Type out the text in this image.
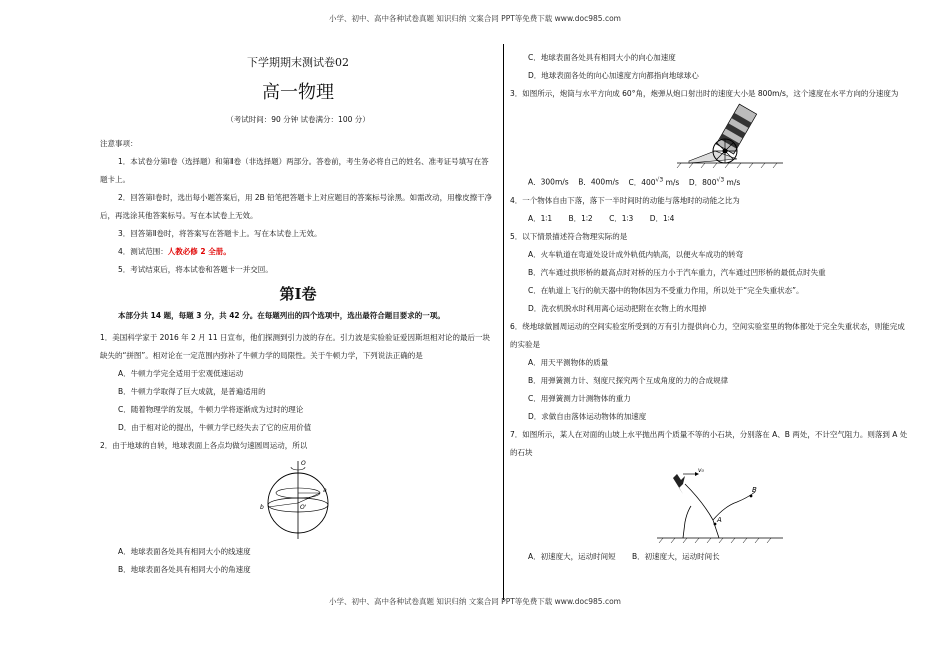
小学、初中、高中各种试卷真题 知识归纳 文案合同 PPT等免费下载 www.doc985.com
下学期期末测试卷02
高一物理
（考试时间：90 分钟 试卷满分：100 分）

注意事项：

1．本试卷分第Ⅰ卷（选择题）和第Ⅱ卷（非选择题）两部分。答卷前，考生务必将自己的姓名、准考证号填写在答题卡上。

2．回答第Ⅰ卷时，选出每小题答案后，用 2B 铅笔把答题卡上对应题目的答案标号涂黑。如需改动，用橡皮擦干净后，再选涂其他答案标号。写在本试卷上无效。

3．回答第Ⅱ卷时，将答案写在答题卡上。写在本试卷上无效。

4．测试范围：人教必修 2 全册。

5．考试结束后，将本试卷和答题卡一并交回。

第Ⅰ卷

本部分共 14 题，每题 3 分，共 42 分。在每题列出的四个选项中，选出最符合题目要求的一项。

1．美国科学家于 2016 年 2 月 11 日宣布，他们探测到引力波的存在。引力波是实验验证爱因斯坦相对论的最后一块缺失的“拼图”。相对论在一定范围内弥补了牛顿力学的局限性。关于牛顿力学，下列说法正确的是

A．牛顿力学完全适用于宏观低速运动

B．牛顿力学取得了巨大成就，是普遍适用的

C．随着物理学的发展，牛顿力学将逐渐成为过时的理论

D．由于相对论的提出，牛顿力学已经失去了它的应用价值

2．由于地球的自转，地球表面上各点均做匀速圆周运动，所以

O
a
b	O'

A．地球表面各处具有相同大小的线速度

B．地球表面各处具有相同大小的角速度

C．地球表面各处具有相同大小的向心加速度

D．地球表面各处的向心加速度方向都指向地球球心

3．如图所示，炮筒与水平方向成 60°角，炮弹从炮口射出时的速度大小是 800m/s，这个速度在水平方向的分速度为

A．300m/s B．400m/s C．$400^{√3}$ m/s D．$800^{√3}$ m/s

4．一个物体自由下落，落下一半时间时的动能与落地时的动能之比为

A．1∶1 B．1∶2 C．1∶3 D．1∶4

5．以下情景描述符合物理实际的是

A．火车轨道在弯道处设计成外轨低内轨高，以便火车成功的转弯

B．汽车通过拱形桥的最高点时对桥的压力小于汽车重力，汽车通过凹形桥的最低点时失重

C．在轨道上飞行的航天器中的物体因为不受重力作用，所以处于“完全失重状态”。

D．洗衣机脱水时利用离心运动把附在衣物上的水甩掉

6．绕地球做圆周运动的空间实验室所受到的万有引力提供向心力，空间实验室里的物体都处于完全失重状态，则能完成的实验是

A．用天平测物体的质量

B．用弹簧测力计、刻度尺探究两个互成角度的力的合成规律

C．用弹簧测力计测物体的重力

D．求做自由落体运动物体的加速度

7．如图所示，某人在对面的山坡上水平抛出两个质量不等的小石块，分别落在 A、B 两处，不计空气阻力。则落到 A 处的石块

v₀
A
B

A．初速度大，运动时间短 B．初速度大，运动时间长

小学、初中、高中各种试卷真题 知识归纳 文案合同 PPT等免费下载 www.doc985.com
